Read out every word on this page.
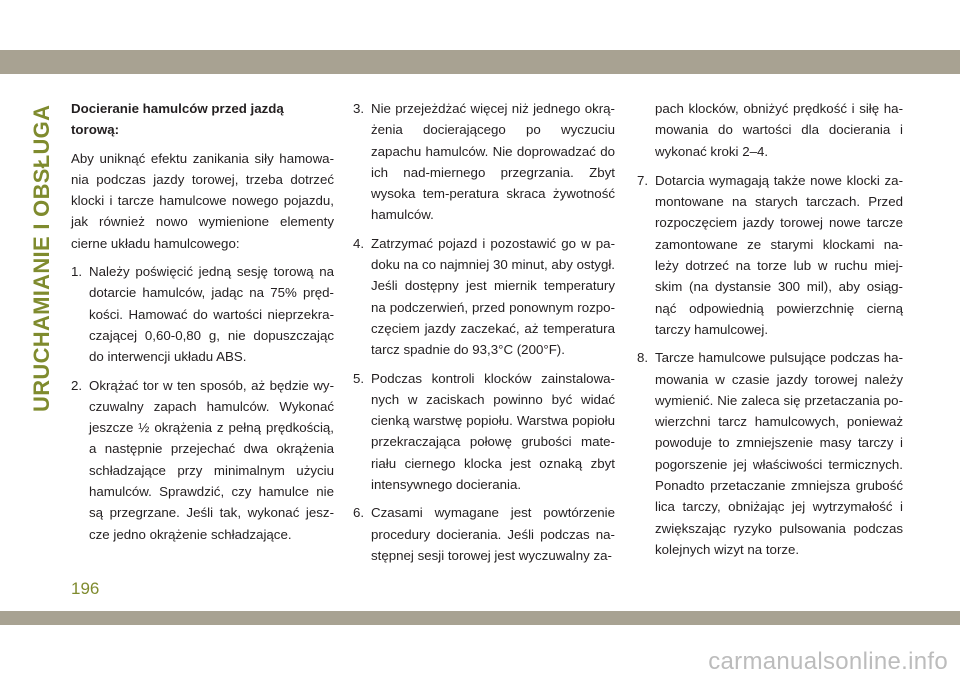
URUCHAMIANIE I OBSŁUGA Docieranie hamulców przed jazdą torową:
Aby uniknąć efektu zanikania siły hamowa-nia podczas jazdy torowej, trzeba dotrzeć klocki i tarcze hamulcowe nowego pojazdu, jak również nowo wymienione elementy cierne układu hamulcowego:
1. Należy poświęcić jedną sesję torową na dotarcie hamulców, jadąc na 75% pręd-kości. Hamować do wartości nieprzekra-czającej 0,60-0,80 g, nie dopuszczając do interwencji układu ABS.
2. Okrążać tor w ten sposób, aż będzie wy-czuwalny zapach hamulców. Wykonać jeszcze ½ okrążenia z pełną prędkością, a następnie przejechać dwa okrążenia schładzające przy minimalnym użyciu hamulców. Sprawdzić, czy hamulce nie są przegrzane. Jeśli tak, wykonać jesz-cze jedno okrążenie schładzające.
3. Nie przejeżdżać więcej niż jednego okrą-żenia docierającego po wyczuciu zapachu hamulców. Nie doprowadzać do ich nad-miernego przegrzania. Zbyt wysoka tem-peratura skraca żywotność hamulców.
4. Zatrzymać pojazd i pozostawić go w pa-doku na co najmniej 30 minut, aby ostygł. Jeśli dostępny jest miernik temperatury na podczerwień, przed ponownym rozpo-częciem jazdy zaczekać, aż temperatura tarcz spadnie do 93,3°C (200°F).
5. Podczas kontroli klocków zainstalowa-nych w zaciskach powinno być widać cienką warstwę popiołu. Warstwa popiołu przekraczająca połowę grubości mate-riału ciernego klocka jest oznaką zbyt intensywnego docierania.
6. Czasami wymagane jest powtórzenie procedury docierania. Jeśli podczas na-stępnej sesji torowej jest wyczuwalny za-
pach klocków, obniżyć prędkość i siłę ha-mowania do wartości dla docierania i wykonać kroki 2–4.
7. Dotarcia wymagają także nowe klocki za-montowane na starych tarczach. Przed rozpoczęciem jazdy torowej nowe tarcze zamontowane ze starymi klockami na-leży dotrzeć na torze lub w ruchu miej-skim (na dystansie 300 mil), aby osiąg-nąć odpowiednią powierzchnię cierną tarczy hamulcowej.
8. Tarcze hamulcowe pulsujące podczas ha-mowania w czasie jazdy torowej należy wymienić. Nie zaleca się przetaczania po-wierzchni tarcz hamulcowych, ponieważ powoduje to zmniejszenie masy tarczy i pogorszenie jej właściwości termicznych. Ponadto przetaczanie zmniejsza grubość lica tarczy, obniżając jej wytrzymałość i zwiększając ryzyko pulsowania podczas kolejnych wizyt na torze.
196
carmanualsonline.info
